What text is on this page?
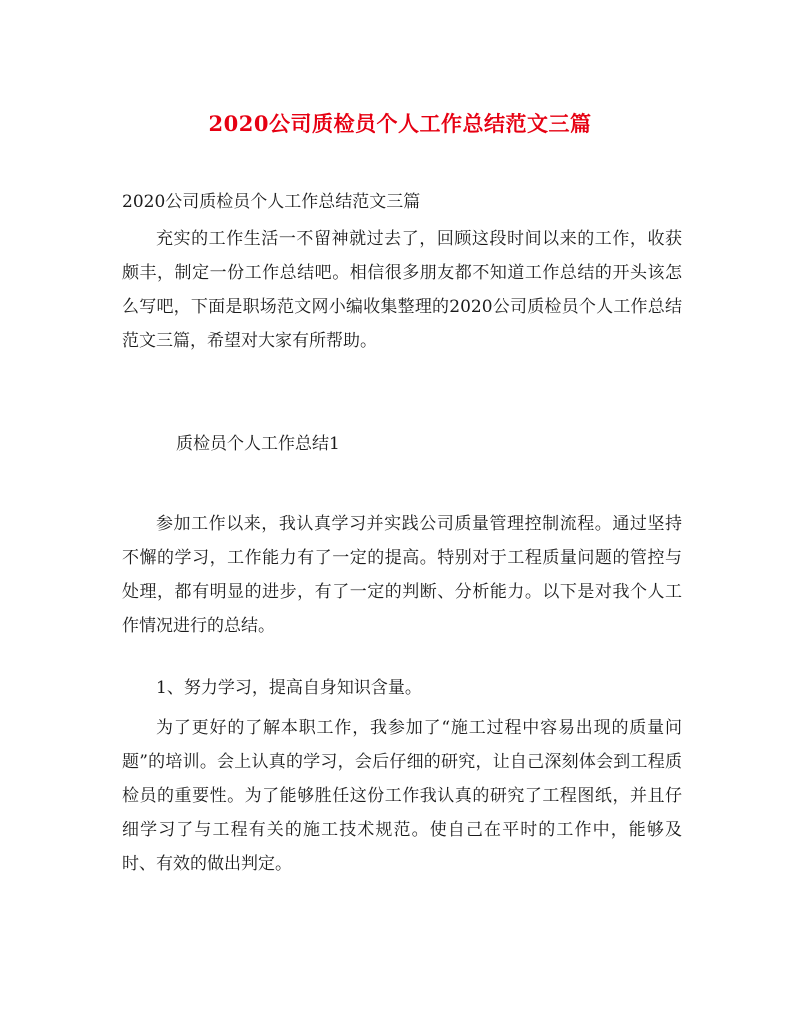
2020公司质检员个人工作总结范文三篇
2020公司质检员个人工作总结范文三篇
充实的工作生活一不留神就过去了，回顾这段时间以来的工作，收获颇丰，制定一份工作总结吧。相信很多朋友都不知道工作总结的开头该怎么写吧，下面是职场范文网小编收集整理的2020公司质检员个人工作总结范文三篇，希望对大家有所帮助。
质检员个人工作总结1
参加工作以来，我认真学习并实践公司质量管理控制流程。通过坚持不懈的学习，工作能力有了一定的提高。特别对于工程质量问题的管控与处理，都有明显的进步，有了一定的判断、分析能力。以下是对我个人工作情况进行的总结。
1、努力学习，提高自身知识含量。
为了更好的了解本职工作，我参加了“施工过程中容易出现的质量问题”的培训。会上认真的学习，会后仔细的研究，让自己深刻体会到工程质检员的重要性。为了能够胜任这份工作我认真的研究了工程图纸，并且仔细学习了与工程有关的施工技术规范。使自己在平时的工作中，能够及时、有效的做出判定。
